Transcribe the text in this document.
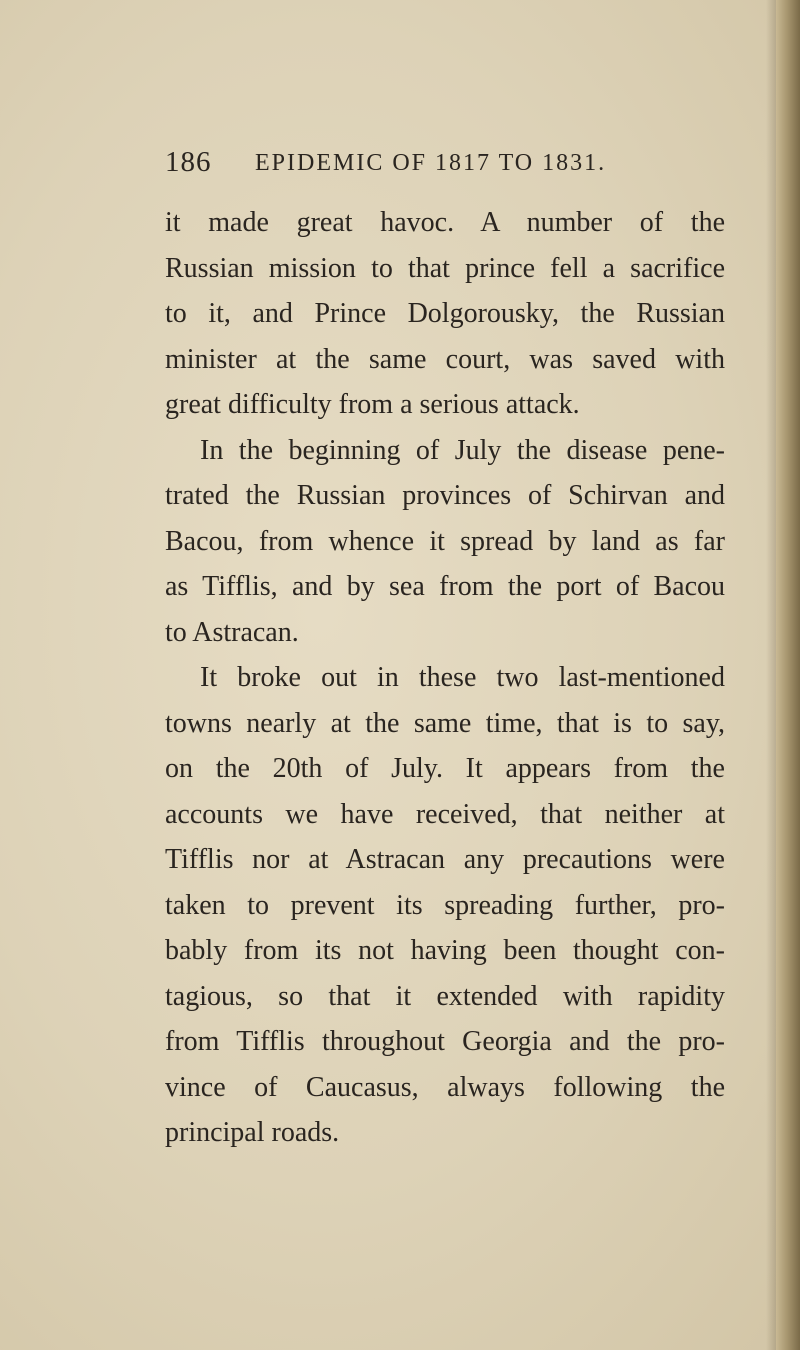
186 EPIDEMIC OF 1817 TO 1831.
it made great havoc. A number of the
Russian mission to that prince fell a sacrifice
to it, and Prince Dolgorousky, the Russian
minister at the same court, was saved with
great difficulty from a serious attack.
In the beginning of July the disease pene-
trated the Russian provinces of Schirvan and
Bacou, from whence it spread by land as far
as Tifflis, and by sea from the port of Bacou
to Astracan.
It broke out in these two last-mentioned
towns nearly at the same time, that is to say,
on the 20th of July. It appears from the
accounts we have received, that neither at
Tifflis nor at Astracan any precautions were
taken to prevent its spreading further, pro-
bably from its not having been thought con-
tagious, so that it extended with rapidity
from Tifflis throughout Georgia and the pro-
vince of Caucasus, always following the
principal roads.
